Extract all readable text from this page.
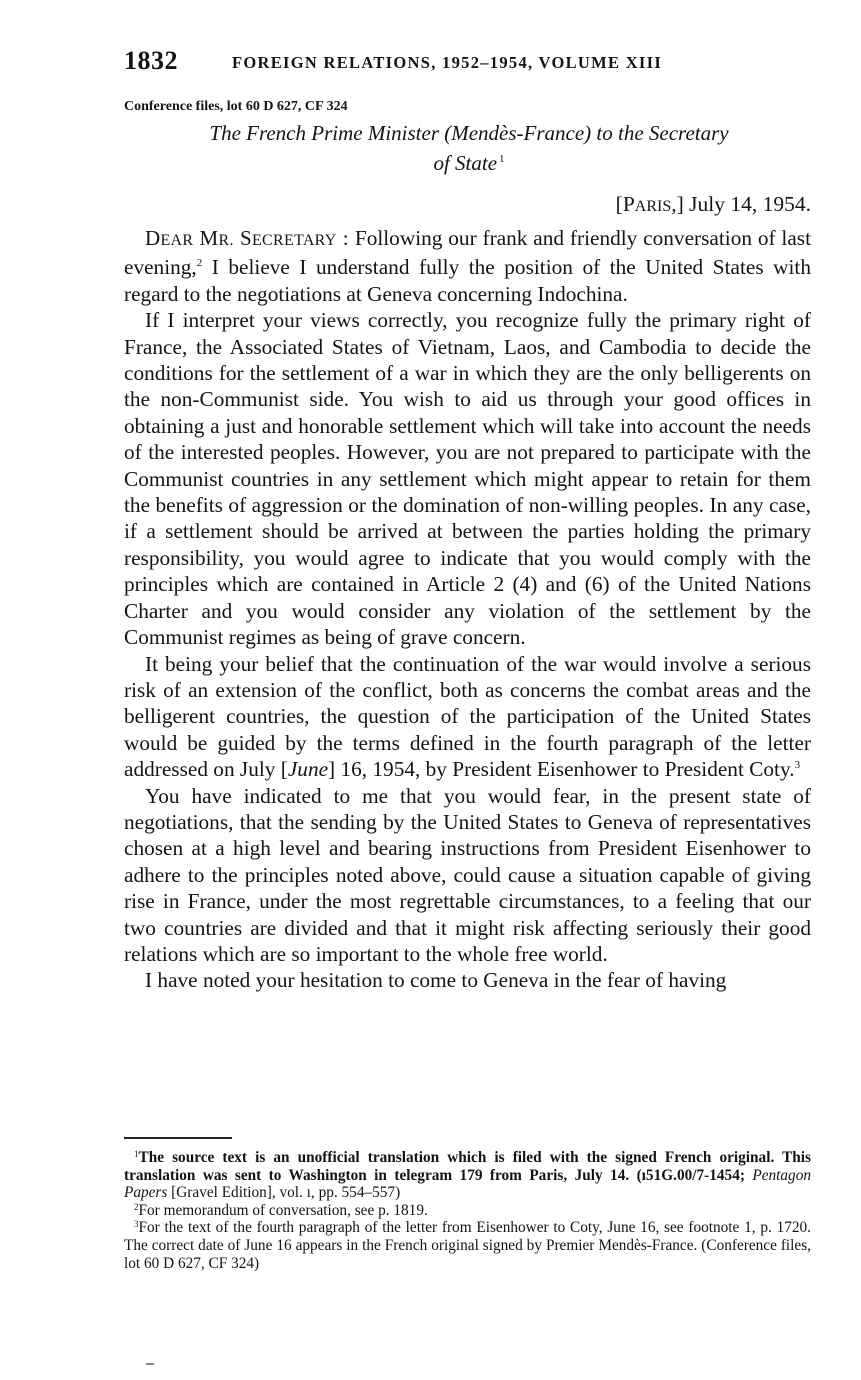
1832	FOREIGN RELATIONS, 1952–1954, VOLUME XIII
Conference files, lot 60 D 627, CF 324
The French Prime Minister (Mendès-France) to the Secretary
of State $^1$
[PARIS,] July 14, 1954.

DEAR MR. SECRETARY : Following our frank and friendly conversation of last evening,$^2$ I believe I understand fully the position of the United States with regard to the negotiations at Geneva concerning Indochina.

If I interpret your views correctly, you recognize fully the primary right of France, the Associated States of Vietnam, Laos, and Cambodia to decide the conditions for the settlement of a war in which they are the only belligerents on the non-Communist side. You wish to aid us through your good offices in obtaining a just and honorable settlement which will take into account the needs of the interested peoples. However, you are not prepared to participate with the Communist countries in any settlement which might appear to retain for them the benefits of aggression or the domination of non-willing peoples. In any case, if a settlement should be arrived at between the parties holding the primary responsibility, you would agree to indicate that you would comply with the principles which are contained in Article 2 (4) and (6) of the United Nations Charter and you would consider any violation of the settlement by the Communist regimes as being of grave concern.

It being your belief that the continuation of the war would involve a serious risk of an extension of the conflict, both as concerns the combat areas and the belligerent countries, the question of the participation of the United States would be guided by the terms defined in the fourth paragraph of the letter addressed on July [June] 16, 1954, by President Eisenhower to President Coty.$^3$

You have indicated to me that you would fear, in the present state of negotiations, that the sending by the United States to Geneva of representatives chosen at a high level and bearing instructions from President Eisenhower to adhere to the principles noted above, could cause a situation capable of giving rise in France, under the most regrettable circumstances, to a feeling that our two countries are divided and that it might risk affecting seriously their good relations which are so important to the whole free world.

I have noted your hesitation to come to Geneva in the fear of having

$^1$The source text is an unofficial translation which is filed with the signed French original. This translation was sent to Washington in telegram 179 from Paris, July 14. (ı51G.00/7-1454; Pentagon Papers [Gravel Edition], vol. ı, pp. 554–557)

$^2$For memorandum of conversation, see p. 1819.

$^3$For the text of the fourth paragraph of the letter from Eisenhower to Coty, June 16, see footnote 1, p. 1720. The correct date of June 16 appears in the French original signed by Premier Mendès-France. (Conference files, lot 60 D 627, CF 324)
